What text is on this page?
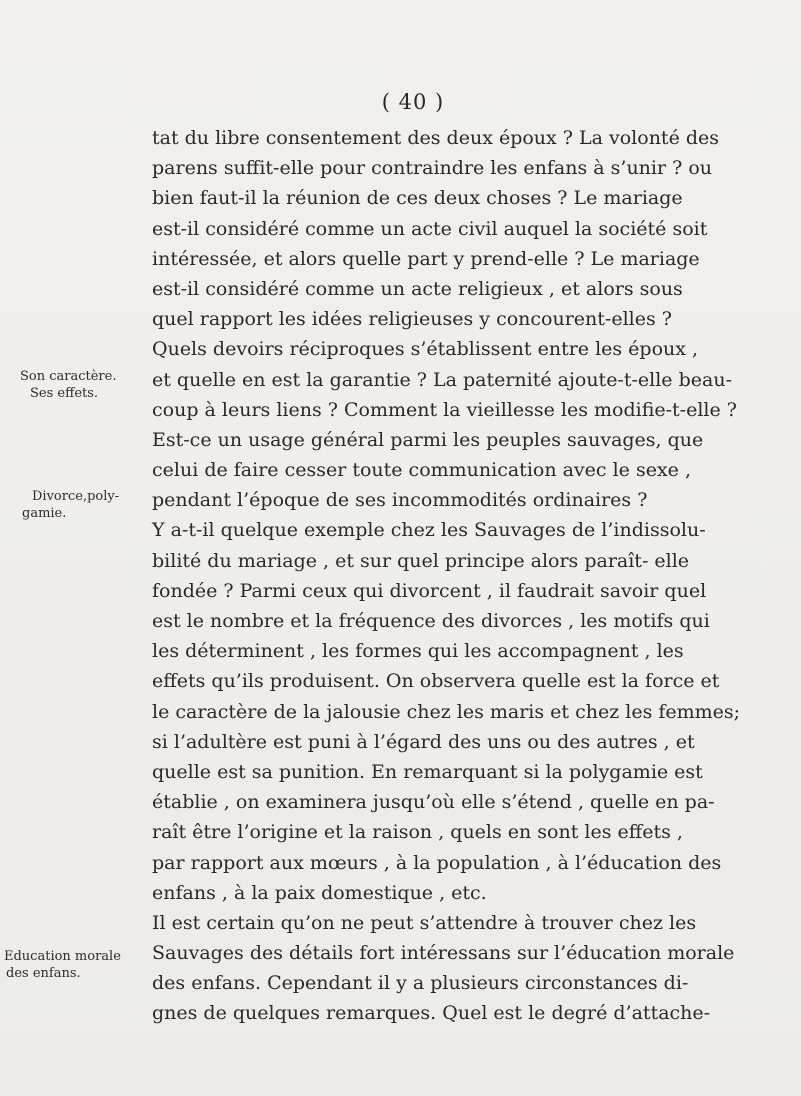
( 40 )
Son caractère.
Ses effets.
Divorce,poly-
gamie.
Education morale
des enfans.
tat du libre consentement des deux époux ? La volonté des
parens suffit-elle pour contraindre les enfans à s’unir ? ou
bien faut-il la réunion de ces deux choses ? Le mariage
est-il considéré comme un acte civil auquel la société soit
intéressée, et alors quelle part y prend-elle ? Le mariage
est-il considéré comme un acte religieux , et alors sous
quel rapport les idées religieuses y concourent-elles ?
Quels devoirs réciproques s’établissent entre les époux ,
et quelle en est la garantie ? La paternité ajoute-t-elle beau-
coup à leurs liens ? Comment la vieillesse les modifie-t-elle ?
Est-ce un usage général parmi les peuples sauvages, que
celui de faire cesser toute communication avec le sexe ,
pendant l’époque de ses incommodités ordinaires ?
Y a-t-il quelque exemple chez les Sauvages de l’indissolu-
bilité du mariage , et sur quel principe alors paraît- elle
fondée ? Parmi ceux qui divorcent , il faudrait savoir quel
est le nombre et la fréquence des divorces , les motifs qui
les déterminent , les formes qui les accompagnent , les
effets qu’ils produisent. On observera quelle est la force et
le caractère de la jalousie chez les maris et chez les femmes;
si l’adultère est puni à l’égard des uns ou des autres , et
quelle est sa punition. En remarquant si la polygamie est
établie , on examinera jusqu’où elle s’étend , quelle en pa-
raît être l’origine et la raison , quels en sont les effets ,
par rapport aux mœurs , à la population , à l’éducation des
enfans , à la paix domestique , etc.
Il est certain qu’on ne peut s’attendre à trouver chez les
Sauvages des détails fort intéressans sur l’éducation morale
des enfans. Cependant il y a plusieurs circonstances di-
gnes de quelques remarques. Quel est le degré d’attache-
